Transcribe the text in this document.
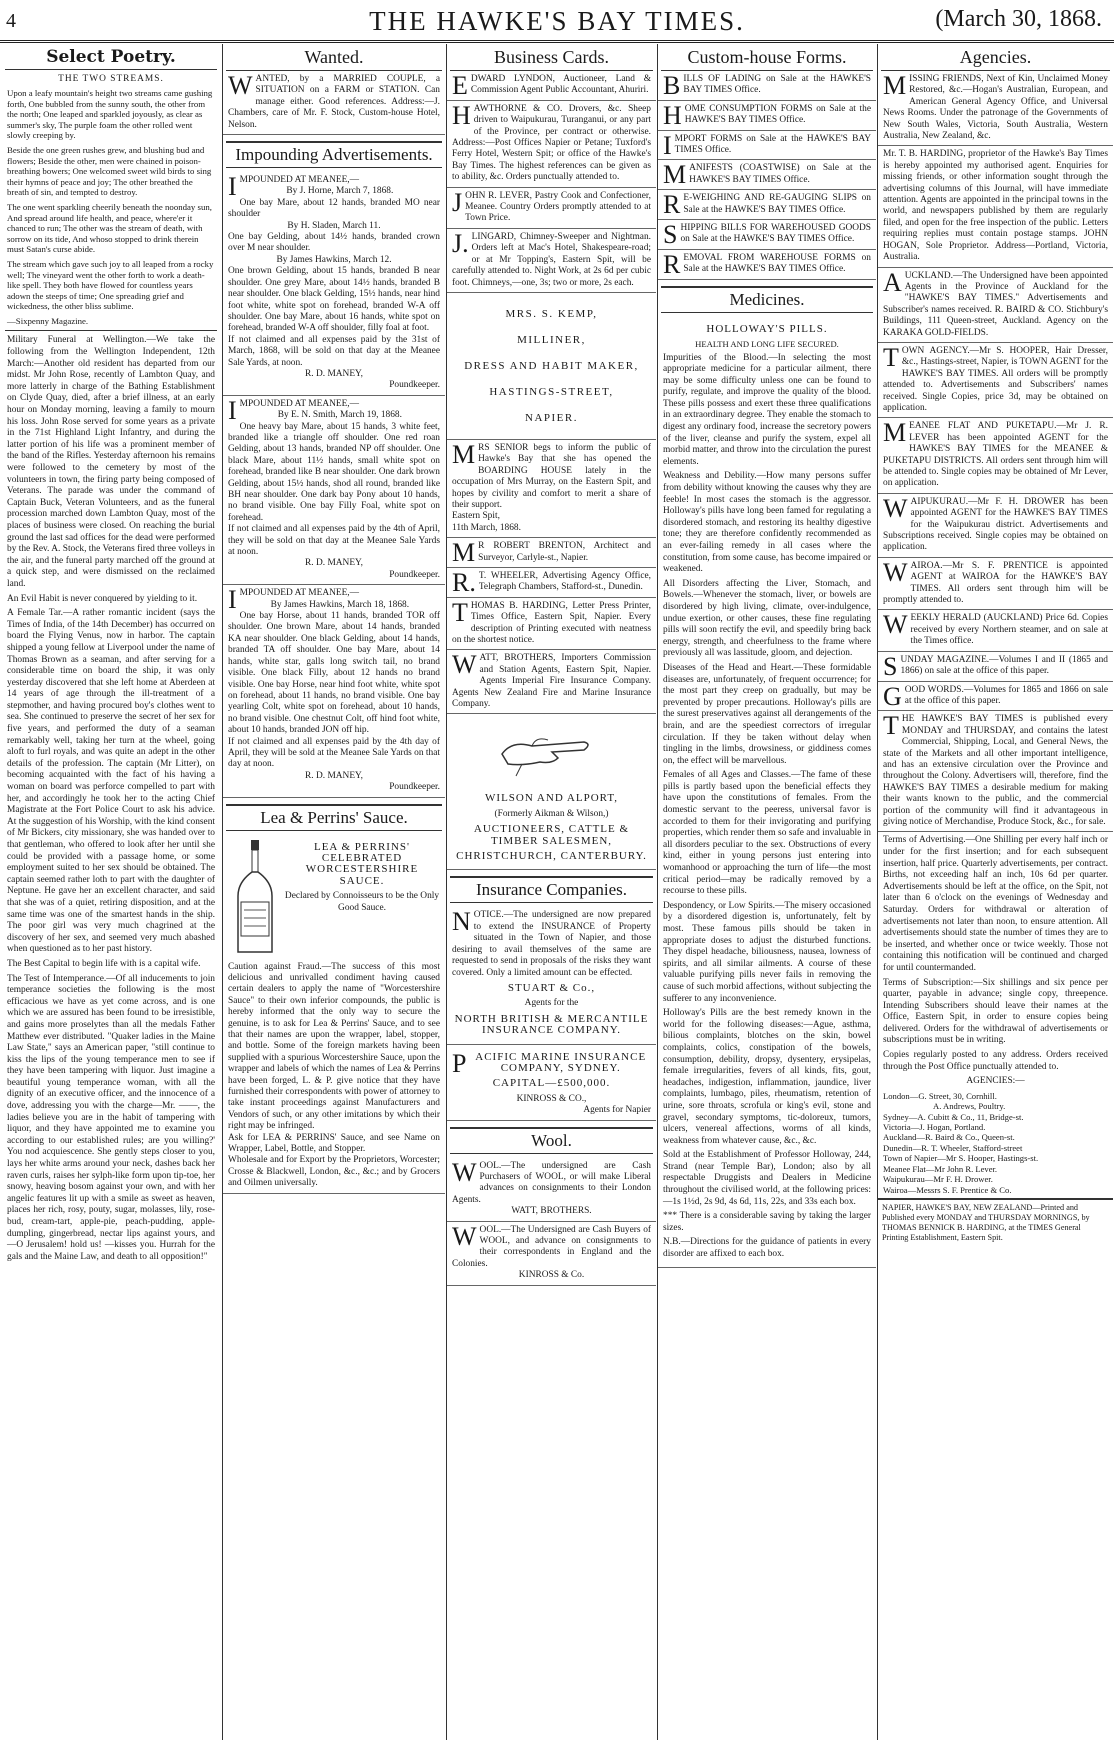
4	THE HAWKE'S BAY TIMES.	(March 30, 1868.
Select Poetry.
THE TWO STREAMS.

Upon a leafy mountain's height two streams came gushing forth, One bubbled from the sunny south, the other from the north; One leaped and sparkled joyously, as clear as summer's sky, The purple foam the other rolled went slowly creeping by.

Beside the one green rushes grew, and blushing bud and flowers; Beside the other, men were chained in poison-breathing bowers; One welcomed sweet wild birds to sing their hymns of peace and joy; The other breathed the breath of sin, and tempted to destroy.

The one went sparkling cheerily beneath the noonday sun, And spread around life health, and peace, where'er it chanced to run; The other was the stream of death, with sorrow on its tide, And whoso stopped to drink therein must Satan's curse abide.

The stream which gave such joy to all leaped from a rocky well; The vineyard went the other forth to work a death-like spell. They both have flowed for countless years adown the steeps of time; One spreading grief and wickedness, the other bliss sublime.

—Sixpenny Magazine.

Military Funeral at Wellington.—We take the following from the Wellington Independent, 12th March:—Another old resident has departed from our midst. Mr John Rose, recently of Lambton Quay, and more latterly in charge of the Bathing Establishment on Clyde Quay, died, after a brief illness, at an early hour on Monday morning, leaving a family to mourn his loss. John Rose served for some years as a private in the 71st Highland Light Infantry, and during the latter portion of his life was a prominent member of the band of the Rifles. Yesterday afternoon his remains were followed to the cemetery by most of the volunteers in town, the firing party being composed of Veterans. The parade was under the command of Captain Buck, Veteran Volunteers, and as the funeral procession marched down Lambton Quay, most of the places of business were closed. On reaching the burial ground the last sad offices for the dead were performed by the Rev. A. Stock, the Veterans fired three volleys in the air, and the funeral party marched off the ground at a quick step, and were dismissed on the reclaimed land.

An Evil Habit is never conquered by yielding to it.

A Female Tar.—A rather romantic incident (says the Times of India, of the 14th December) has occurred on board the Flying Venus, now in harbor. The captain shipped a young fellow at Liverpool under the name of Thomas Brown as a seaman, and after serving for a considerable time on board the ship, it was only yesterday discovered that she left home at Aberdeen at 14 years of age through the ill-treatment of a stepmother, and having procured boy's clothes went to sea. She continued to preserve the secret of her sex for five years, and performed the duty of a seaman remarkably well, taking her turn at the wheel, going aloft to furl royals, and was quite an adept in the other details of the profession. The captain (Mr Litter), on becoming acquainted with the fact of his having a woman on board was perforce compelled to part with her, and accordingly he took her to the acting Chief Magistrate at the Fort Police Court to ask his advice. At the suggestion of his Worship, with the kind consent of Mr Bickers, city missionary, she was handed over to that gentleman, who offered to look after her until she could be provided with a passage home, or some employment suited to her sex should be obtained. The captain seemed rather loth to part with the daughter of Neptune. He gave her an excellent character, and said that she was of a quiet, retiring disposition, and at the same time was one of the smartest hands in the ship. The poor girl was very much chagrined at the discovery of her sex, and seemed very much abashed when questioned as to her past history.

The Best Capital to begin life with is a capital wife.

The Test of Intemperance.—Of all inducements to join temperance societies the following is the most efficacious we have as yet come across, and is one which we are assured has been found to be irresistible, and gains more proselytes than all the medals Father Matthew ever distributed. "Quaker ladies in the Maine Law State," says an American paper, "still continue to kiss the lips of the young temperance men to see if they have been tampering with liquor. Just imagine a beautiful young temperance woman, with all the dignity of an executive officer, and the innocence of a dove, addressing you with the charge—Mr. ——, the ladies believe you are in the habit of tampering with liquor, and they have appointed me to examine you according to our established rules; are you willing?' You nod acquiescence. She gently steps closer to you, lays her white arms around your neck, dashes back her raven curls, raises her sylph-like form upon tip-toe, her snowy, heaving bosom against your own, and with her angelic features lit up with a smile as sweet as heaven, places her rich, rosy, pouty, sugar, molasses, lily, rose-bud, cream-tart, apple-pie, peach-pudding, apple-dumpling, gingerbread, nectar lips against yours, and—O Jerusalem! hold us! —kisses you. Hurrah for the gals and the Maine Law, and death to all opposition!"

Wanted.
WANTED, by a MARRIED COUPLE, a SITUATION on a FARM or STATION. Can manage either. Good references. Address:—J. Chambers, care of Mr. F. Stock, Custom-house Hotel, Nelson.
Impounding Advertisements.
IMPOUNDED AT MEANEE,—
By J. Horne, March 7, 1868.
One bay Mare, about 12 hands, branded MO near shoulder
By H. Sladen, March 11.
One bay Gelding, about 14½ hands, branded crown over M near shoulder.
By James Hawkins, March 12.
One brown Gelding, about 15 hands, branded B near shoulder. One grey Mare, about 14½ hands, branded B near shoulder. One black Gelding, 15½ hands, near hind foot white, white spot on forehead, branded W-A off shoulder. One bay Mare, about 16 hands, white spot on forehead, branded W-A off shoulder, filly foal at foot.
If not claimed and all expenses paid by the 31st of March, 1868, will be sold on that day at the Meanee Sale Yards, at noon.
R. D. MANEY,
Poundkeeper.
IMPOUNDED AT MEANEE,—
By E. N. Smith, March 19, 1868.
One heavy bay Mare, about 15 hands, 3 white feet, branded like a triangle off shoulder. One red roan Gelding, about 13 hands, branded NP off shoulder. One black Mare, about 11½ hands, small white spot on forehead, branded like B near shoulder. One dark brown Gelding, about 15½ hands, shod all round, branded like BH near shoulder. One dark bay Pony about 10 hands, no brand visible. One bay Filly Foal, white spot on forehead.
If not claimed and all expenses paid by the 4th of April, they will be sold on that day at the Meanee Sale Yards at noon.
R. D. MANEY,
Poundkeeper.
IMPOUNDED AT MEANEE,—
By James Hawkins, March 18, 1868.
One bay Horse, about 11 hands, branded TOR off shoulder. One brown Mare, about 14 hands, branded KA near shoulder. One black Gelding, about 14 hands, branded TA off shoulder. One bay Mare, about 14 hands, white star, galls long switch tail, no brand visible. One black Filly, about 12 hands no brand visible. One bay Horse, near hind foot white, white spot on forehead, about 11 hands, no brand visible. One bay yearling Colt, white spot on forehead, about 10 hands, no brand visible. One chestnut Colt, off hind foot white, about 10 hands, branded JON off hip.
If not claimed and all expenses paid by the 4th day of April, they will be sold at the Meanee Sale Yards on that day at noon.
R. D. MANEY,
Poundkeeper.
Lea & Perrins' Sauce.
LEA & PERRINS' CELEBRATED WORCESTERSHIRE SAUCE.
Declared by Connoisseurs to be the Only Good Sauce.
Caution against Fraud.—The success of this most delicious and unrivalled condiment having caused certain dealers to apply the name of "Worcestershire Sauce" to their own inferior compounds, the public is hereby informed that the only way to secure the genuine, is to ask for Lea & Perrins' Sauce, and to see that their names are upon the wrapper, label, stopper, and bottle. Some of the foreign markets having been supplied with a spurious Worcestershire Sauce, upon the wrapper and labels of which the names of Lea & Perrins have been forged, L. & P. give notice that they have furnished their correspondents with power of attorney to take instant proceedings against Manufacturers and Vendors of such, or any other imitations by which their right may be infringed.
Ask for LEA & PERRINS' Sauce, and see Name on Wrapper, Label, Bottle, and Stopper.
Wholesale and for Export by the Proprietors, Worcester; Crosse & Blackwell, London, &c., &c.; and by Grocers and Oilmen universally.
Business Cards.
EDWARD LYNDON, Auctioneer, Land & Commission Agent Public Accountant, Ahuriri.
HAWTHORNE & CO. Drovers, &c. Sheep driven to Waipukurau, Turanganui, or any part of the Province, per contract or otherwise. Address:—Post Offices Napier or Petane; Tuxford's Ferry Hotel, Western Spit; or office of the Hawke's Bay Times. The highest references can be given as to ability, &c. Orders punctually attended to.
JOHN R. LEVER, Pastry Cook and Confectioner, Meanee. Country Orders promptly attended to at Town Price.
J.LINGARD, Chimney-Sweeper and Nightman. Orders left at Mac's Hotel, Shakespeare-road; or at Mr Topping's, Eastern Spit, will be carefully attended to. Night Work, at 2s 6d per cubic foot. Chimneys,—one, 3s; two or more, 2s each.
MRS. S. KEMP,
MILLINER,
DRESS AND HABIT MAKER,
HASTINGS-STREET,
NAPIER.
MRS SENIOR begs to inform the public of Hawke's Bay that she has opened the BOARDING HOUSE lately in the occupation of Mrs Murray, on the Eastern Spit, and hopes by civility and comfort to merit a share of their support.
Eastern Spit,
11th March, 1868.
MR ROBERT BRENTON, Architect and Surveyor, Carlyle-st., Napier.
R.T. WHEELER, Advertising Agency Office, Telegraph Chambers, Stafford-st., Dunedin.
THOMAS B. HARDING, Letter Press Printer, Times Office, Eastern Spit, Napier. Every description of Printing executed with neatness on the shortest notice.
WATT, BROTHERS, Importers Commission and Station Agents, Eastern Spit, Napier. Agents Imperial Fire Insurance Company. Agents New Zealand Fire and Marine Insurance Company.
WILSON AND ALPORT,
(Formerly Aikman & Wilson,)
AUCTIONEERS, CATTLE & TIMBER SALESMEN,
CHRISTCHURCH, CANTERBURY.
Insurance Companies.
NOTICE.—The undersigned are now prepared to extend the INSURANCE of Property situated in the Town of Napier, and those desiring to avail themselves of the same are requested to send in proposals of the risks they want covered. Only a limited amount can be effected.
STUART & Co.,
Agents for the
NORTH BRITISH & MERCANTILE INSURANCE COMPANY.
PACIFIC MARINE INSURANCE COMPANY, SYDNEY.
CAPITAL—£500,000.
KINROSS & CO.,
Agents for Napier
Wool.
WOOL.—The undersigned are Cash Purchasers of WOOL, or will make Liberal advances on consignments to their London Agents.
WATT, BROTHERS.
WOOL.—The Undersigned are Cash Buyers of WOOL, and advance on consignments to their correspondents in England and the Colonies.
KINROSS & Co.
Custom-house Forms.
BILLS OF LADING on Sale at the HAWKE'S BAY TIMES Office.
HOME CONSUMPTION FORMS on Sale at the HAWKE'S BAY TIMES Office.
IMPORT FORMS on Sale at the HAWKE'S BAY TIMES Office.
MANIFESTS (COASTWISE) on Sale at the HAWKE'S BAY TIMES Office.
RE-WEIGHING AND RE-GAUGING SLIPS on Sale at the HAWKE'S BAY TIMES Office.
SHIPPING BILLS FOR WAREHOUSED GOODS on Sale at the HAWKE'S BAY TIMES Office.
REMOVAL FROM WAREHOUSE FORMS on Sale at the HAWKE'S BAY TIMES Office.
Medicines.
HOLLOWAY'S PILLS.
HEALTH AND LONG LIFE SECURED.

Impurities of the Blood.—In selecting the most appropriate medicine for a particular ailment, there may be some difficulty unless one can be found to purify, regulate, and improve the quality of the blood. These pills possess and exert these three qualifications in an extraordinary degree. They enable the stomach to digest any ordinary food, increase the secretory powers of the liver, cleanse and purify the system, expel all morbid matter, and throw into the circulation the purest elements.

Weakness and Debility.—How many persons suffer from debility without knowing the causes why they are feeble! In most cases the stomach is the aggressor. Holloway's pills have long been famed for regulating a disordered stomach, and restoring its healthy digestive tone; they are therefore confidently recommended as an ever-failing remedy in all cases where the constitution, from some cause, has become impaired or weakened.

All Disorders affecting the Liver, Stomach, and Bowels.—Whenever the stomach, liver, or bowels are disordered by high living, climate, over-indulgence, undue exertion, or other causes, these fine regulating pills will soon rectify the evil, and speedily bring back energy, strength, and cheerfulness to the frame where previously all was lassitude, gloom, and dejection.

Diseases of the Head and Heart.—These formidable diseases are, unfortunately, of frequent occurrence; for the most part they creep on gradually, but may be prevented by proper precautions. Holloway's pills are the surest preservatives against all derangements of the brain, and are the speediest correctors of irregular circulation. If they be taken without delay when tingling in the limbs, drowsiness, or giddiness comes on, the effect will be marvellous.

Females of all Ages and Classes.—The fame of these pills is partly based upon the beneficial effects they have upon the constitutions of females. From the domestic servant to the peeress, universal favor is accorded to them for their invigorating and purifying properties, which render them so safe and invaluable in all disorders peculiar to the sex. Obstructions of every kind, either in young persons just entering into womanhood or approaching the turn of life—the most critical period—may be radically removed by a recourse to these pills.

Despondency, or Low Spirits.—The misery occasioned by a disordered digestion is, unfortunately, felt by most. These famous pills should be taken in appropriate doses to adjust the disturbed functions. They dispel headache, biliousness, nausea, lowness of spirits, and all similar ailments. A course of these valuable purifying pills never fails in removing the cause of such morbid affections, without subjecting the sufferer to any inconvenience.

Holloway's Pills are the best remedy known in the world for the following diseases:—Ague, asthma, bilious complaints, blotches on the skin, bowel complaints, colics, constipation of the bowels, consumption, debility, dropsy, dysentery, erysipelas, female irregularities, fevers of all kinds, fits, gout, headaches, indigestion, inflammation, jaundice, liver complaints, lumbago, piles, rheumatism, retention of urine, sore throats, scrofula or king's evil, stone and gravel, secondary symptoms, tic-doloreux, tumors, ulcers, venereal affections, worms of all kinds, weakness from whatever cause, &c., &c.

Sold at the Establishment of Professor Holloway, 244, Strand (near Temple Bar), London; also by all respectable Druggists and Dealers in Medicine throughout the civilised world, at the following prices:—1s 1½d, 2s 9d, 4s 6d, 11s, 22s, and 33s each box.

*** There is a considerable saving by taking the larger sizes.

N.B.—Directions for the guidance of patients in every disorder are affixed to each box.

Agencies.
MISSING FRIENDS, Next of Kin, Unclaimed Money Restored, &c.—Hogan's Australian, European, and American General Agency Office, and Universal News Rooms. Under the patronage of the Governments of New South Wales, Victoria, South Australia, Western Australia, New Zealand, &c.
Mr. T. B. HARDING, proprietor of the Hawke's Bay Times is hereby appointed my authorised agent. Enquiries for missing friends, or other information sought through the advertising columns of this Journal, will have immediate attention. Agents are appointed in the principal towns in the world, and newspapers published by them are regularly filed, and open for the free inspection of the public. Letters requiring replies must contain postage stamps. JOHN HOGAN, Sole Proprietor. Address—Portland, Victoria, Australia.
AUCKLAND.—The Undersigned have been appointed Agents in the Province of Auckland for the "HAWKE'S BAY TIMES." Advertisements and Subscriber's names received. R. BAIRD & CO. Stichbury's Buildings, 111 Queen-street, Auckland. Agency on the KARAKA GOLD-FIELDS.
TOWN AGENCY.—Mr S. HOOPER, Hair Dresser, &c., Hastings-street, Napier, is TOWN AGENT for the HAWKE'S BAY TIMES. All orders will be promptly attended to. Advertisements and Subscribers' names received. Single Copies, price 3d, may be obtained on application.
MEANEE FLAT AND PUKETAPU.—Mr J. R. LEVER has been appointed AGENT for the HAWKE'S BAY TIMES for the MEANEE & PUKETAPU DISTRICTS. All orders sent through him will be attended to. Single copies may be obtained of Mr Lever, on application.
WAIPUKURAU.—Mr F. H. DROWER has been appointed AGENT for the HAWKE'S BAY TIMES for the Waipukurau district. Advertisements and Subscriptions received. Single copies may be obtained on application.
WAIROA.—Mr S. F. PRENTICE is appointed AGENT at WAIROA for the HAWKE'S BAY TIMES. All orders sent through him will be promptly attended to.
WEEKLY HERALD (AUCKLAND) Price 6d. Copies received by every Northern steamer, and on sale at the Times office.
SUNDAY MAGAZINE.—Volumes I and II (1865 and 1866) on sale at the office of this paper.
GOOD WORDS.—Volumes for 1865 and 1866 on sale at the office of this paper.
THE HAWKE'S BAY TIMES is published every MONDAY and THURSDAY, and contains the latest Commercial, Shipping, Local, and General News, the state of the Markets and all other important intelligence, and has an extensive circulation over the Province and throughout the Colony. Advertisers will, therefore, find the HAWKE'S BAY TIMES a desirable medium for making their wants known to the public, and the commercial portion of the community will find it advantageous in giving notice of Merchandise, Produce Stock, &c., for sale.

Terms of Advertising.—One Shilling per every half inch or under for the first insertion; and for each subsequent insertion, half price. Quarterly advertisements, per contract. Births, not exceeding half an inch, 10s 6d per quarter. Advertisements should be left at the office, on the Spit, not later than 6 o'clock on the evenings of Wednesday and Saturday. Orders for withdrawal or alteration of advertisements not later than noon, to ensure attention. All advertisements should state the number of times they are to be inserted, and whether once or twice weekly. Those not containing this notification will be continued and charged for until countermanded.

Terms of Subscription:—Six shillings and six pence per quarter, payable in advance; single copy, threepence. Intending Subscribers should leave their names at the Office, Eastern Spit, in order to ensure copies being delivered. Orders for the withdrawal of advertisements or subscriptions must be in writing.

Copies regularly posted to any address. Orders received through the Post Office punctually attended to.

AGENCIES:—
London—G. Street, 30, Cornhill.
A. Andrews, Poultry.
Sydney—A. Cubitt & Co., 11, Bridge-st.
Victoria—J. Hogan, Portland.
Auckland—R. Baird & Co., Queen-st.
Dunedin—R. T. Wheeler, Stafford-street
Town of Napier—Mr S. Hooper, Hastings-st.
Meanee Flat—Mr John R. Lever.
Waipukurau—Mr F. H. Drower.
Wairoa—Messrs S. F. Prentice & Co.
NAPIER, HAWKE'S BAY, NEW ZEALAND—Printed and Published every MONDAY and THURSDAY MORNINGS, by THOMAS BENNICK B. HARDING, at the TIMES General Printing Establishment, Eastern Spit.
